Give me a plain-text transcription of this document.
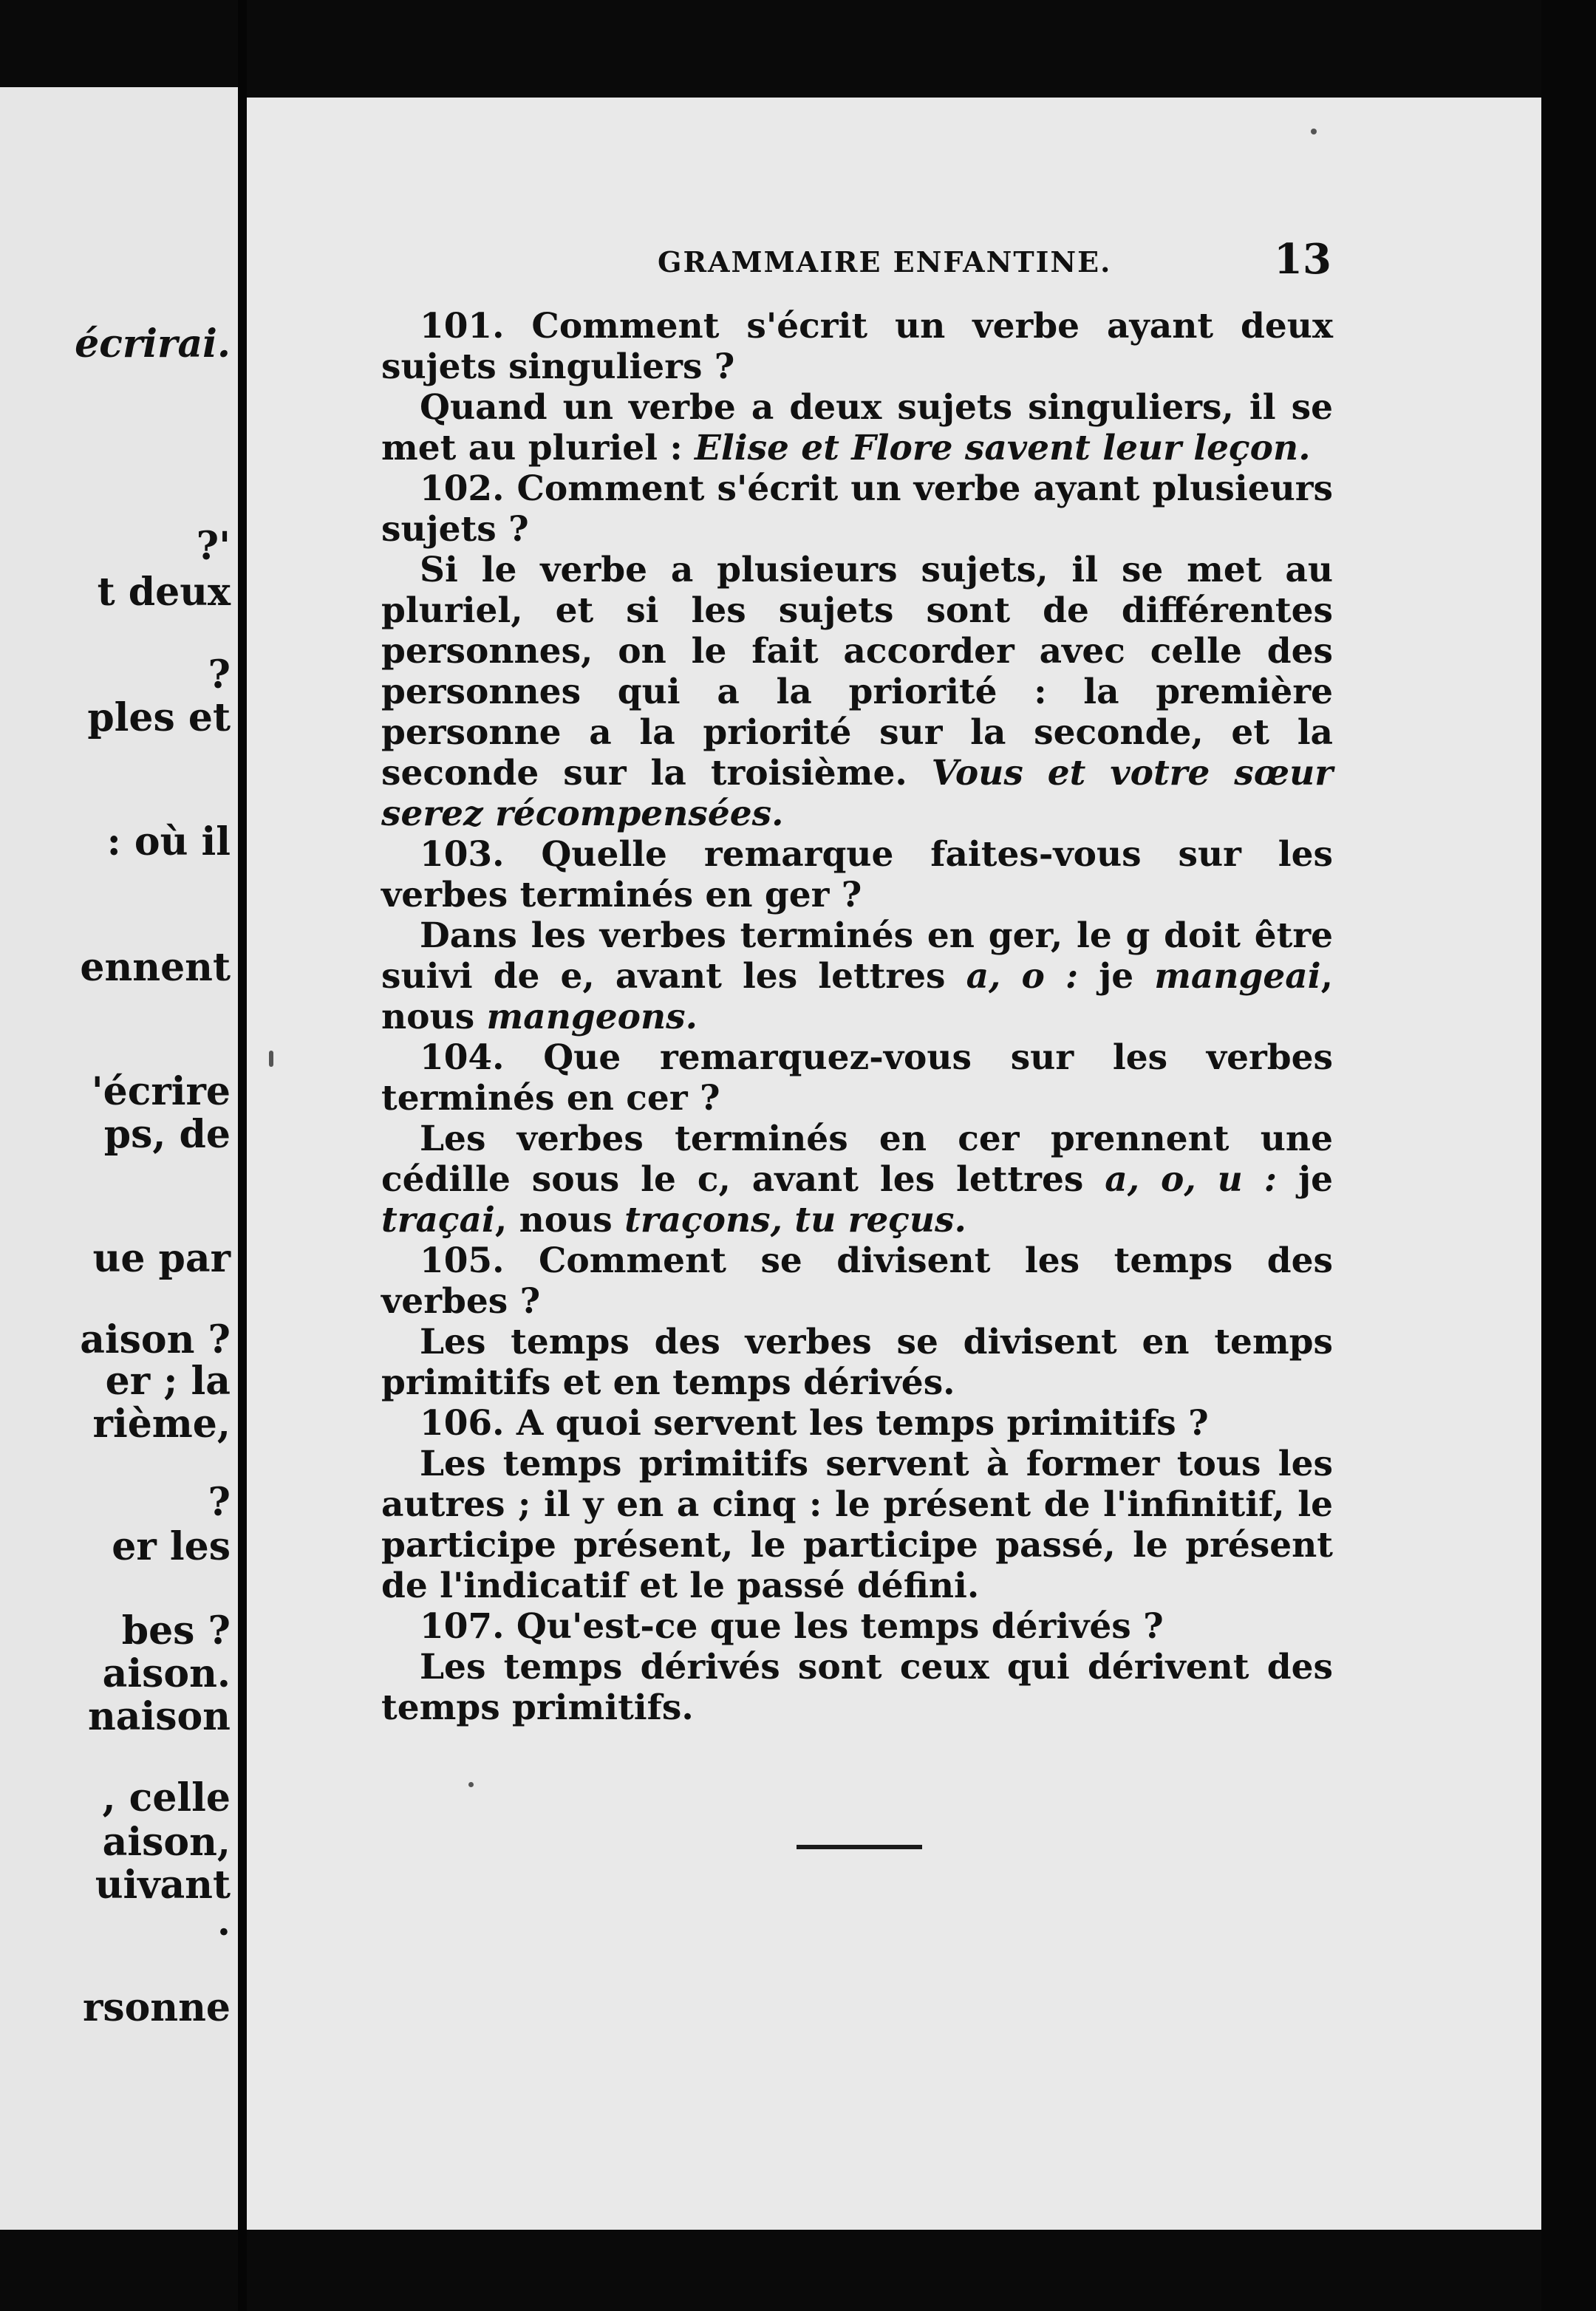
écrirai.

?'

t deux

?

ples et

: où il

ennent

'écrire

ps, de

ue par

aison ?

er ; la

rième,

?

er les

bes ?

aison.

naison

, celle

aison,

uivant

.

rsonne

GRAMMAIRE ENFANTINE.	13

101. Comment s'écrit un verbe ayant deux sujets singuliers ?

Quand un verbe a deux sujets singuliers, il se met au pluriel : Elise et Flore savent leur leçon.

102. Comment s'écrit un verbe ayant plusieurs sujets ?

Si le verbe a plusieurs sujets, il se met au pluriel, et si les sujets sont de différentes personnes, on le fait accorder avec celle des personnes qui a la priorité : la première personne a la priorité sur la seconde, et la seconde sur la troisième. Vous et votre sœur serez récompensées.

103. Quelle remarque faites-vous sur les verbes terminés en ger ?

Dans les verbes terminés en ger, le g doit être suivi de e, avant les lettres a, o : je mangeai, nous mangeons.

104. Que remarquez-vous sur les verbes terminés en cer ?

Les verbes terminés en cer prennent une cédille sous le c, avant les lettres a, o, u : je traçai, nous traçons, tu reçus.

105. Comment se divisent les temps des verbes ?

Les temps des verbes se divisent en temps primitifs et en temps dérivés.

106. A quoi servent les temps primitifs ?

Les temps primitifs servent à former tous les autres ; il y en a cinq : le présent de l'infinitif, le participe présent, le participe passé, le présent de l'indicatif et le passé défini.

107. Qu'est-ce que les temps dérivés ?

Les temps dérivés sont ceux qui dérivent des temps primitifs.
